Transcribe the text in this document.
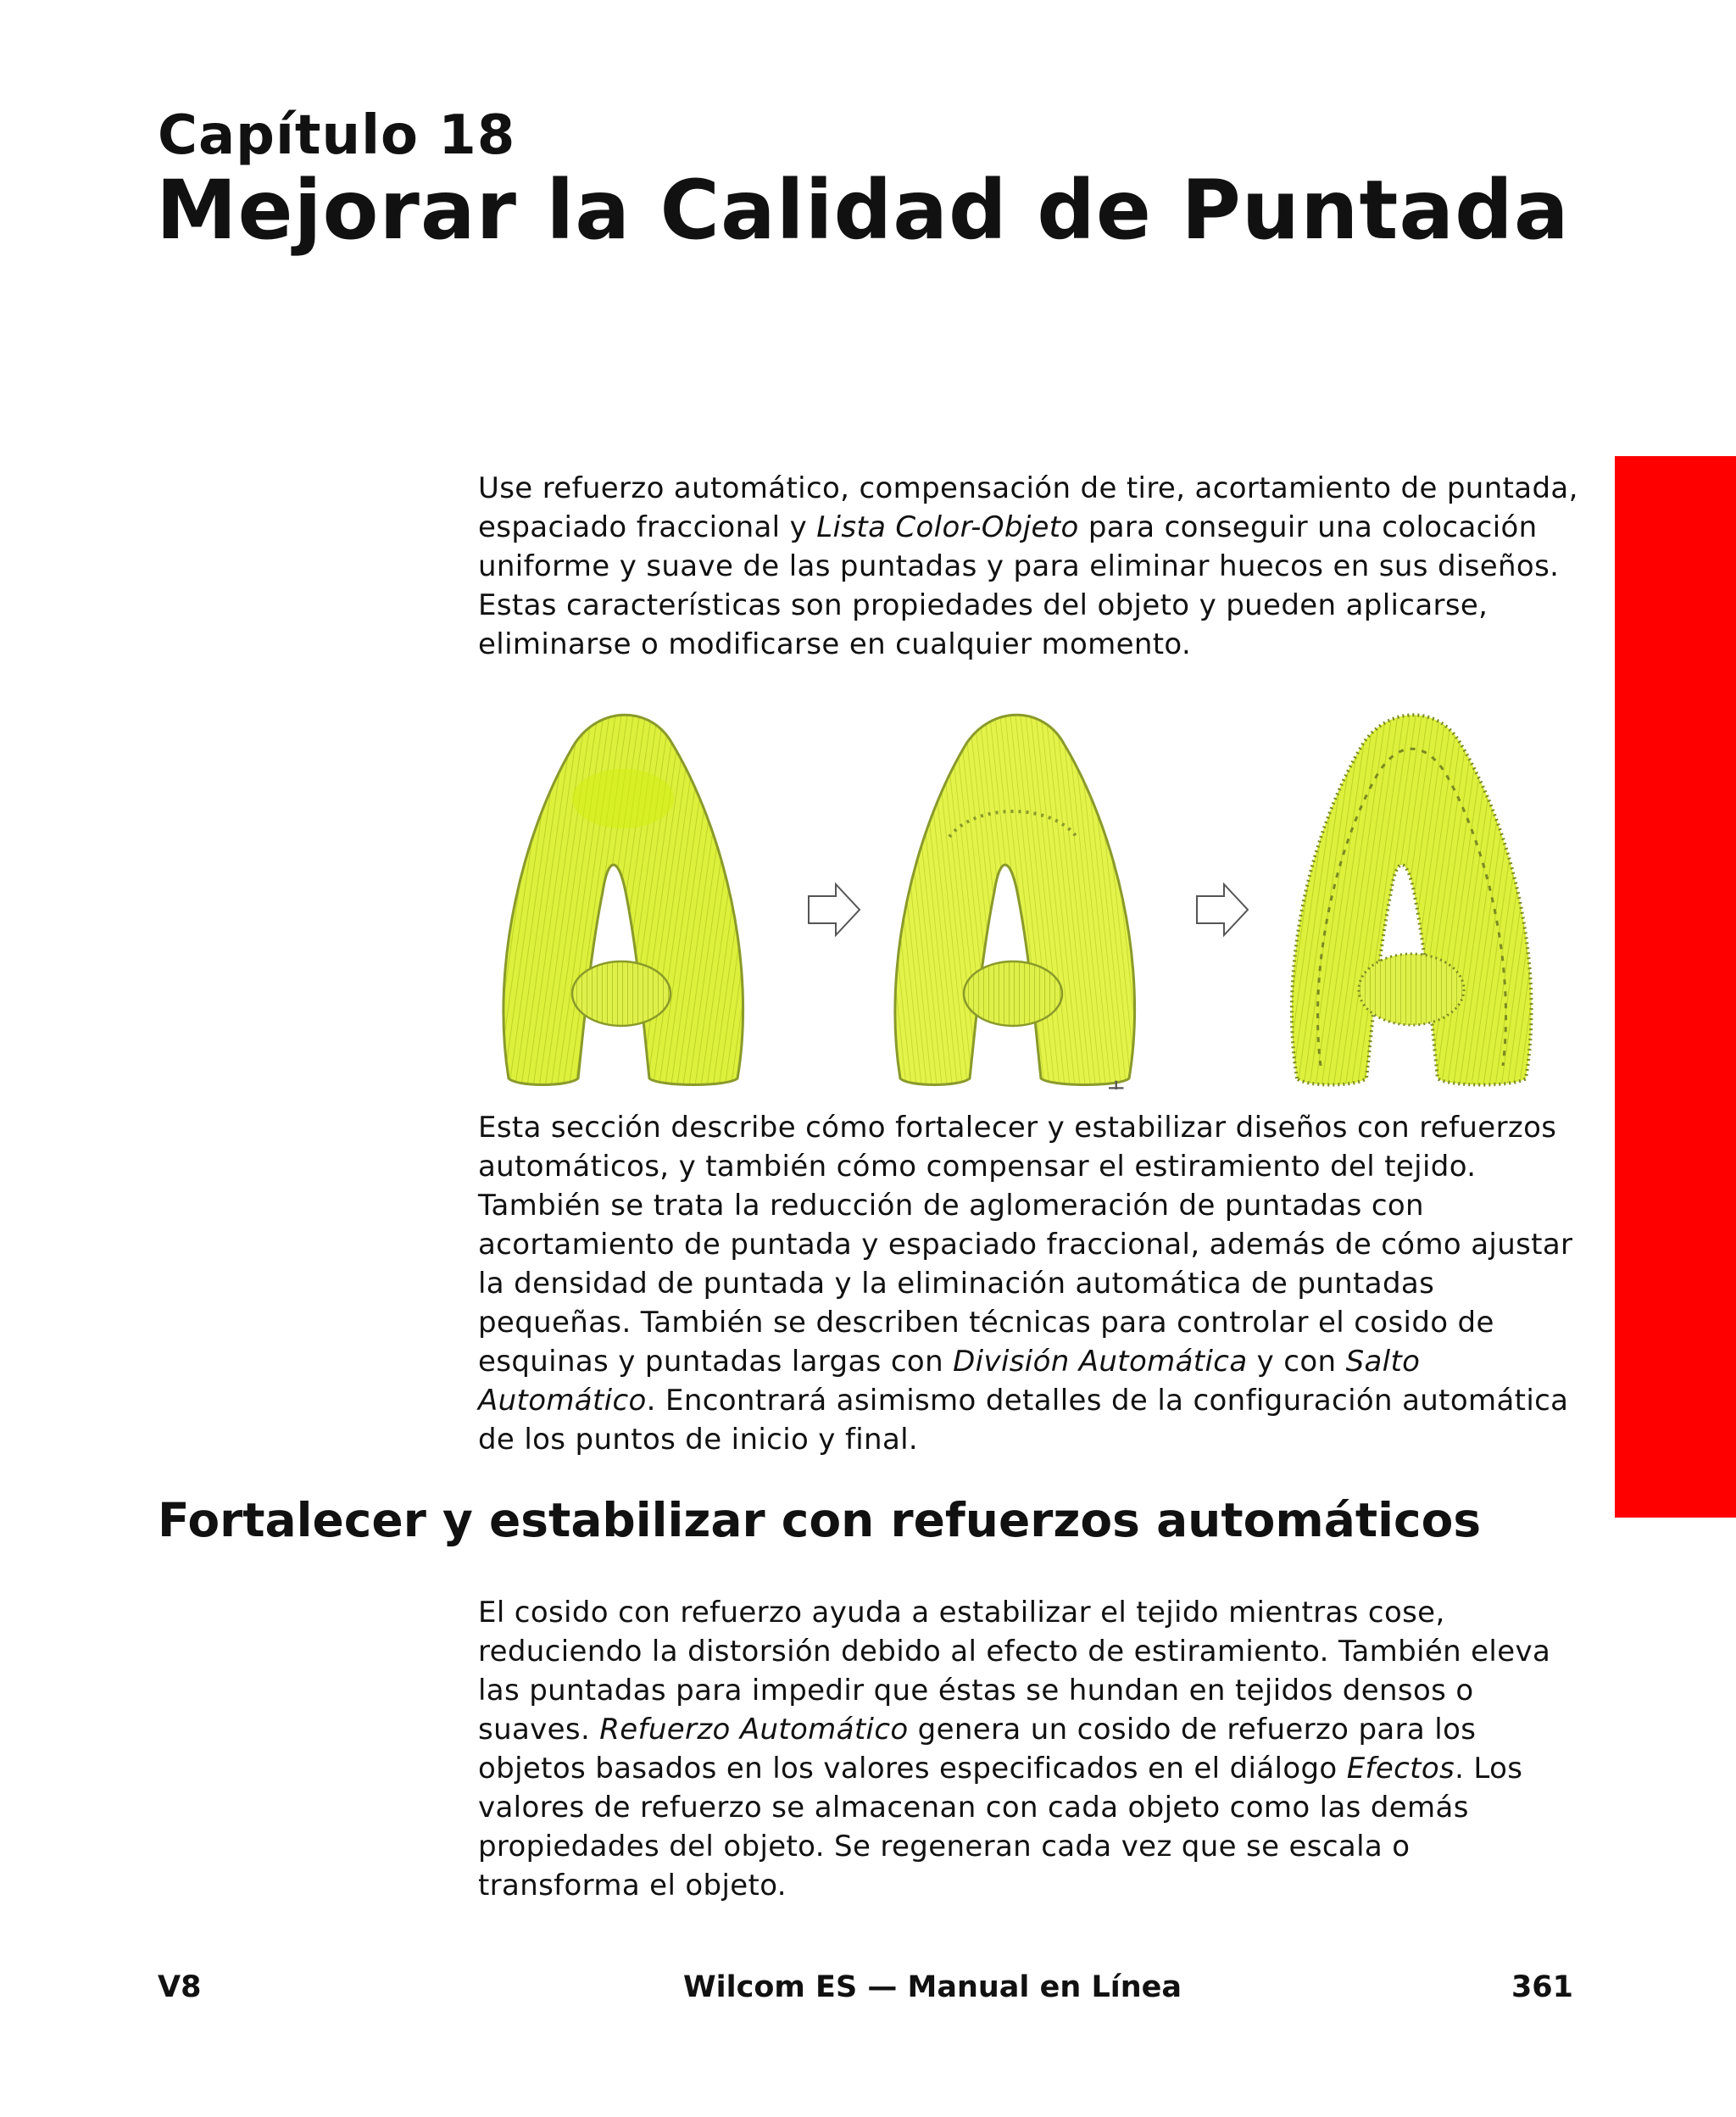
Capítulo 18
Mejorar la Calidad de Puntada

Use refuerzo automático, compensación de tire, acortamiento de puntada, espaciado fraccional y Lista Color-Objeto para conseguir una colocación uniforme y suave de las puntadas y para eliminar huecos en sus diseños. Estas características son propiedades del objeto y pueden aplicarse, eliminarse o modificarse en cualquier momento.

+

Esta sección describe cómo fortalecer y estabilizar diseños con refuerzos automáticos, y también cómo compensar el estiramiento del tejido. También se trata la reducción de aglomeración de puntadas con acortamiento de puntada y espaciado fraccional, además de cómo ajustar la densidad de puntada y la eliminación automática de puntadas pequeñas. También se describen técnicas para controlar el cosido de esquinas y puntadas largas con División Automática y con Salto Automático. Encontrará asimismo detalles de la configuración automática de los puntos de inicio y final.

Fortalecer y estabilizar con refuerzos automáticos

El cosido con refuerzo ayuda a estabilizar el tejido mientras cose, reduciendo la distorsión debido al efecto de estiramiento. También eleva las puntadas para impedir que éstas se hundan en tejidos densos o suaves. Refuerzo Automático genera un cosido de refuerzo para los objetos basados en los valores especificados en el diálogo Efectos. Los valores de refuerzo se almacenan con cada objeto como las demás propiedades del objeto. Se regeneran cada vez que se escala o transforma el objeto.

V8	Wilcom ES — Manual en Línea	361
